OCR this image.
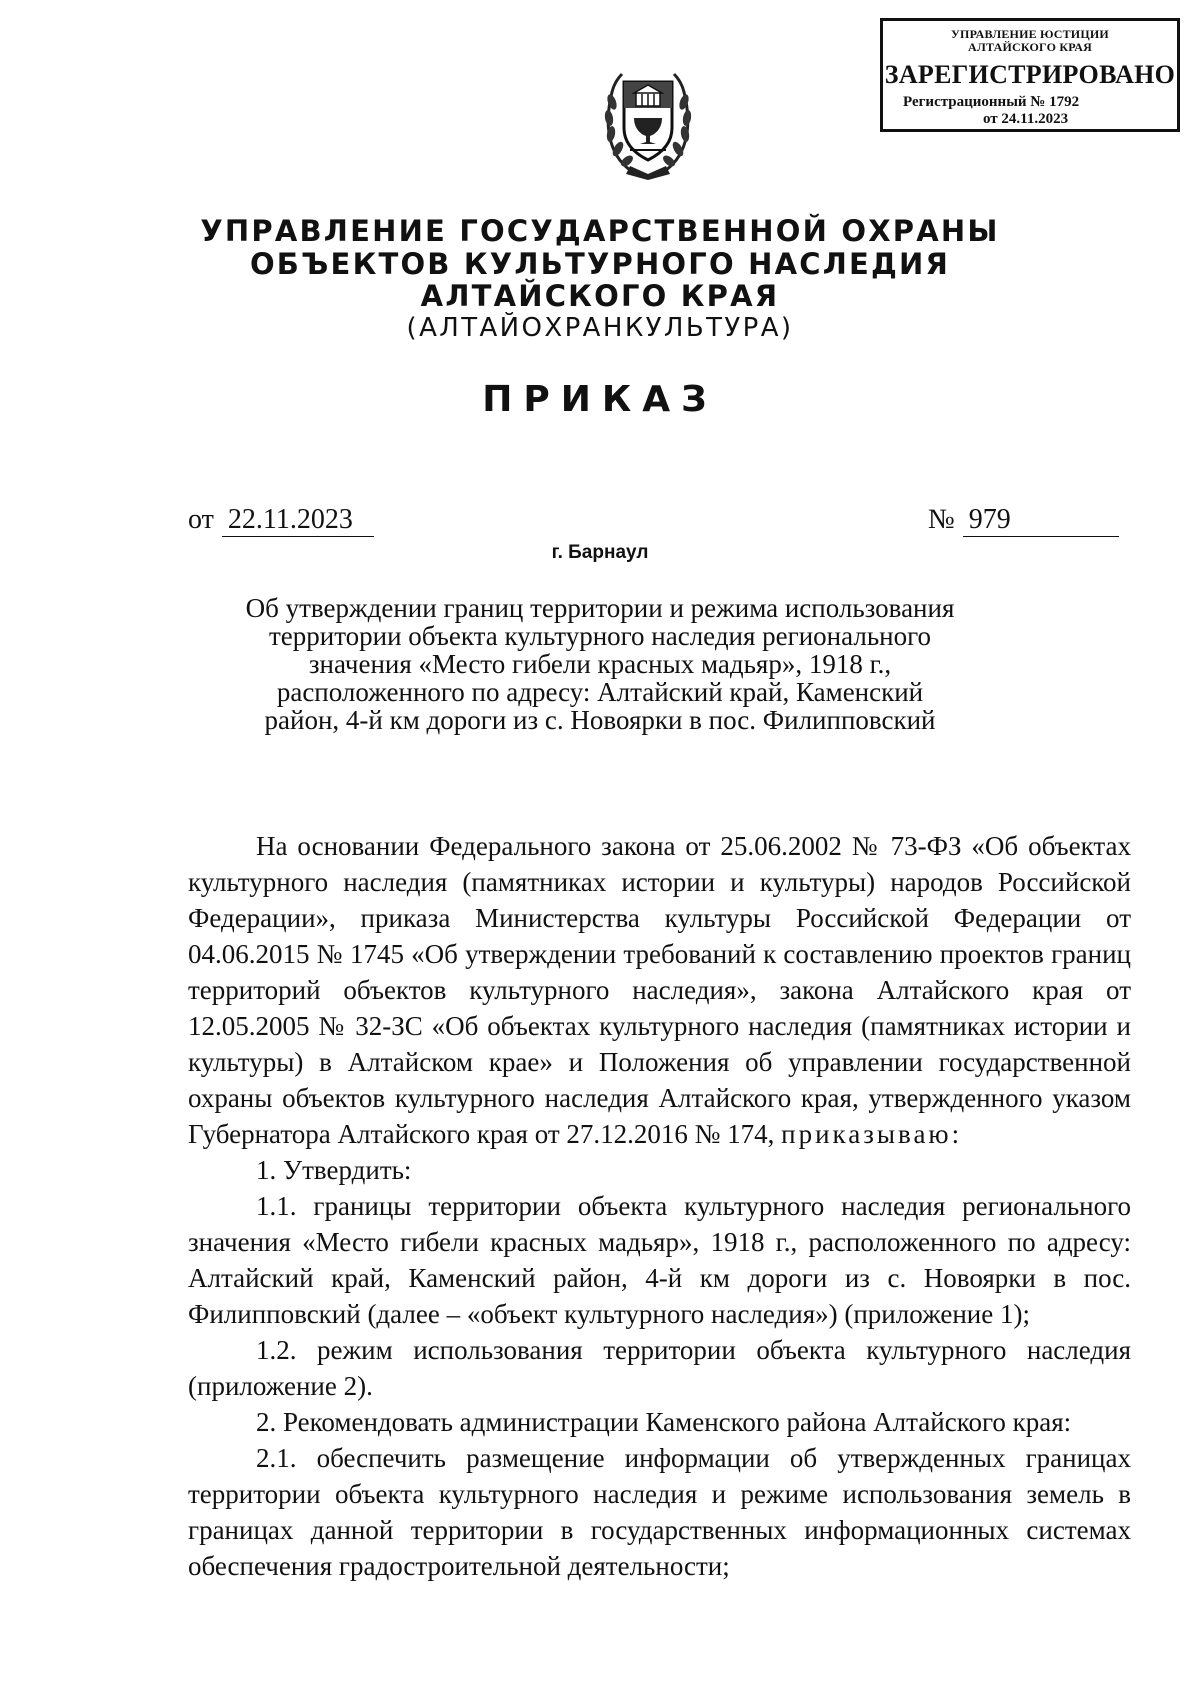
УПРАВЛЕНИЕ ЮСТИЦИИ
АЛТАЙСКОГО КРАЯ
ЗАРЕГИСТРИРОВАНО
Регистрационный № 1792
от 24.11.2023
УПРАВЛЕНИЕ ГОСУДАРСТВЕННОЙ ОХРАНЫ
ОБЪЕКТОВ КУЛЬТУРНОГО НАСЛЕДИЯ
АЛТАЙСКОГО КРАЯ
(АЛТАЙОХРАНКУЛЬТУРА)
ПРИКАЗ
от 22.11.2023	№ 979
г. Барнаул
Об утверждении границ территории и режима использования
территории объекта культурного наследия регионального
значения «Место гибели красных мадьяр», 1918 г.,
расположенного по адресу: Алтайский край, Каменский
район, 4-й км дороги из с. Новоярки в пос. Филипповский

На основании Федерального закона от 25.06.2002 № 73-ФЗ «Об объектах культурного наследия (памятниках истории и культуры) народов Российской Федерации», приказа Министерства культуры Российской Федерации от 04.06.2015 № 1745 «Об утверждении требований к составлению проектов границ территорий объектов культурного наследия», закона Алтайского края от 12.05.2005 № 32-ЗС «Об объектах культурного наследия (памятниках истории и культуры) в Алтайском крае» и Положения об управлении государственной охраны объектов культурного наследия Алтайского края, утвержденного указом Губернатора Алтайского края от 27.12.2016 № 174, приказываю:

1. Утвердить:

1.1. границы территории объекта культурного наследия регионального значения «Место гибели красных мадьяр», 1918 г., расположенного по адресу: Алтайский край, Каменский район, 4-й км дороги из с. Новоярки в пос. Филипповский (далее – «объект культурного наследия») (приложение 1);

1.2. режим использования территории объекта культурного наследия (приложение 2).

2. Рекомендовать администрации Каменского района Алтайского края:

2.1. обеспечить размещение информации об утвержденных границах территории объекта культурного наследия и режиме использования земель в границах данной территории в государственных информационных системах обеспечения градостроительной деятельности;
